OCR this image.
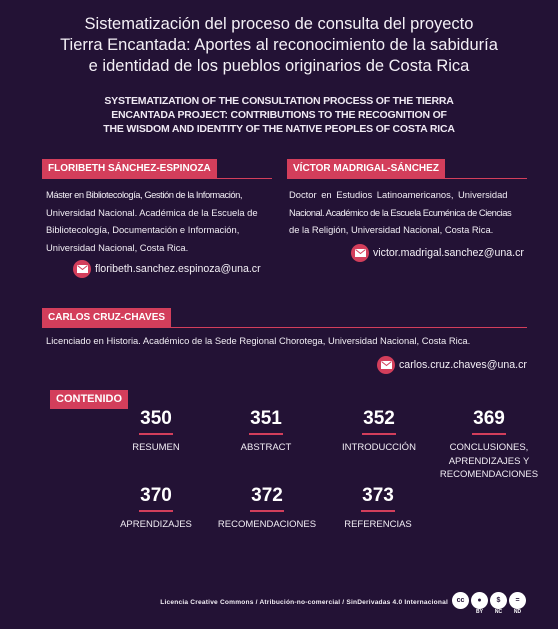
Sistematización del proceso de consulta del proyecto
Tierra Encantada: Aportes al reconocimiento de la sabiduría
e identidad de los pueblos originarios de Costa Rica
SYSTEMATIZATION OF THE CONSULTATION PROCESS OF THE TIERRA
ENCANTADA PROJECT: CONTRIBUTIONS TO THE RECOGNITION OF
THE WISDOM AND IDENTITY OF THE NATIVE PEOPLES OF COSTA RICA
FLORIBETH SÁNCHEZ-ESPINOZA
Máster en Bibliotecología, Gestión de la Información,
Universidad Nacional. Académica de la Escuela de
Bibliotecología, Documentación e Información,
Universidad Nacional, Costa Rica.
floribeth.sanchez.espinoza@una.cr
VÍCTOR MADRIGAL-SÁNCHEZ
Doctor en Estudios Latinoamericanos, Universidad
Nacional. Académico de la Escuela Ecuménica de Ciencias
de la Religión, Universidad Nacional, Costa Rica.
victor.madrigal.sanchez@una.cr
CARLOS CRUZ-CHAVES
Licenciado en Historia. Académico de la Sede Regional Chorotega, Universidad Nacional, Costa Rica.
carlos.cruz.chaves@una.cr
CONTENIDO
350
RESUMEN
351
ABSTRACT
352
INTRODUCCIÓN
369
CONCLUSIONES,
APRENDIZAJES Y
RECOMENDACIONES
370
APRENDIZAJES
372
RECOMENDACIONES
373
REFERENCIAS
Licencia Creative Commons / Atribución-no-comercial / SinDerivadas 4.0 Internacional	cc
	●
BY
$
NC
=
ND
